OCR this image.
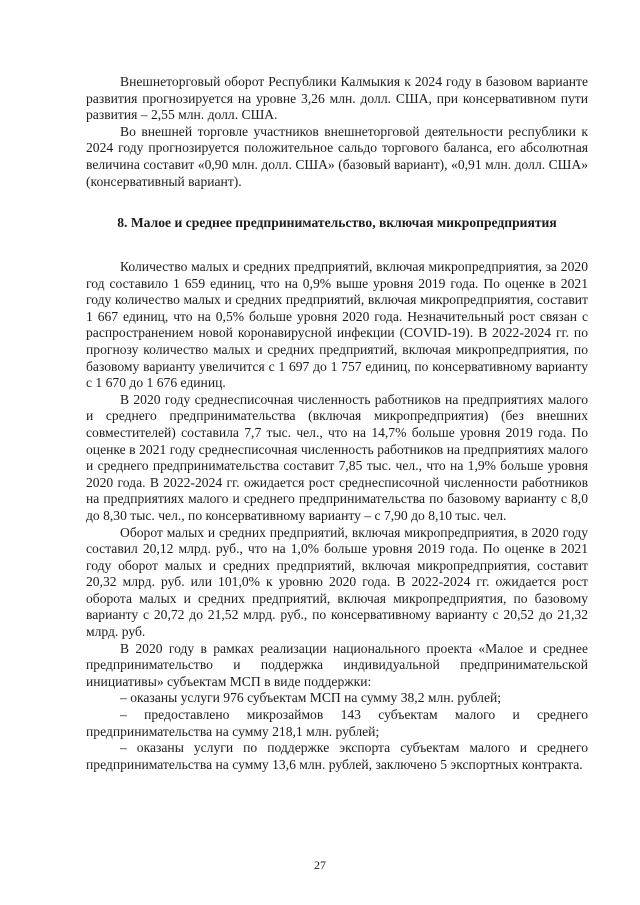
Внешнеторговый оборот Республики Калмыкия к 2024 году в базовом варианте развития прогнозируется на уровне 3,26 млн. долл. США, при консервативном пути развития – 2,55 млн. долл. США.

Во внешней торговле участников внешнеторговой деятельности республики к 2024 году прогнозируется положительное сальдо торгового баланса, его абсолютная величина составит «0,90 млн. долл. США» (базовый вариант), «0,91 млн. долл. США» (консервативный вариант).

8. Малое и среднее предпринимательство, включая микропредприятия

Количество малых и средних предприятий, включая микропредприятия, за 2020 год составило 1 659 единиц, что на 0,9% выше уровня 2019 года. По оценке в 2021 году количество малых и средних предприятий, включая микропредприятия, составит 1 667 единиц, что на 0,5% больше уровня 2020 года. Незначительный рост связан с распространением новой коронавирусной инфекции (COVID-19). В 2022-2024 гг. по прогнозу количество малых и средних предприятий, включая микропредприятия, по базовому варианту увеличится с 1 697 до 1 757 единиц, по консервативному варианту с 1 670 до 1 676 единиц.

В 2020 году среднесписочная численность работников на предприятиях малого и среднего предпринимательства (включая микропредприятия) (без внешних совместителей) составила 7,7 тыс. чел., что на 14,7% больше уровня 2019 года. По оценке в 2021 году среднесписочная численность работников на предприятиях малого и среднего предпринимательства составит 7,85 тыс. чел., что на 1,9% больше уровня 2020 года. В 2022-2024 гг. ожидается рост среднесписочной численности работников на предприятиях малого и среднего предпринимательства по базовому варианту с 8,0 до 8,30 тыс. чел., по консервативному варианту – с 7,90 до 8,10 тыс. чел.

Оборот малых и средних предприятий, включая микропредприятия, в 2020 году составил 20,12 млрд. руб., что на 1,0% больше уровня 2019 года. По оценке в 2021 году оборот малых и средних предприятий, включая микропредприятия, составит 20,32 млрд. руб. или 101,0% к уровню 2020 года. В 2022-2024 гг. ожидается рост оборота малых и средних предприятий, включая микропредприятия, по базовому варианту с 20,72 до 21,52 млрд. руб., по консервативному варианту с 20,52 до 21,32 млрд. руб.

В 2020 году в рамках реализации национального проекта «Малое и среднее предпринимательство и поддержка индивидуальной предпринимательской инициативы» субъектам МСП в виде поддержки:

– оказаны услуги 976 субъектам МСП на сумму 38,2 млн. рублей;

– предоставлено микрозаймов 143 субъектам малого и среднего предпринимательства на сумму 218,1 млн. рублей;

– оказаны услуги по поддержке экспорта субъектам малого и среднего предпринимательства на сумму 13,6 млн. рублей, заключено 5 экспортных контракта.

27
